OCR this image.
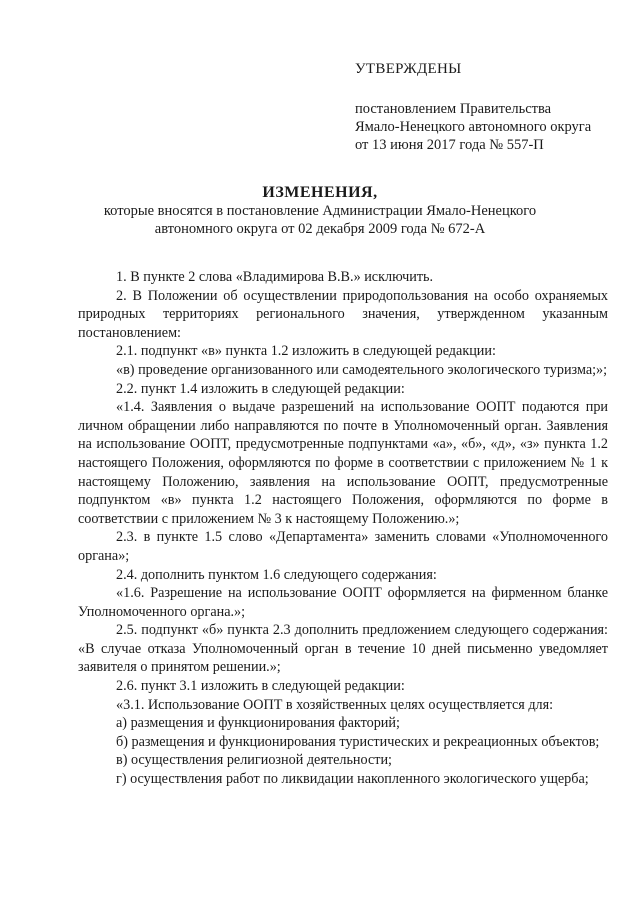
УТВЕРЖДЕНЫ
постановлением Правительства
Ямало-Ненецкого автономного округа
от 13 июня 2017 года № 557-П
ИЗМЕНЕНИЯ,
которые вносятся в постановление Администрации Ямало-Ненецкого
автономного округа от 02 декабря 2009 года № 672-А

1. В пункте 2 слова «Владимирова В.В.» исключить.

2. В Положении об осуществлении природопользования на особо охраняемых природных территориях регионального значения, утвержденном указанным постановлением:

2.1. подпункт «в» пункта 1.2 изложить в следующей редакции:

«в) проведение организованного или самодеятельного экологического туризма;»;

2.2. пункт 1.4 изложить в следующей редакции:

«1.4. Заявления о выдаче разрешений на использование ООПТ подаются при личном обращении либо направляются по почте в Уполномоченный орган. Заявления на использование ООПТ, предусмотренные подпунктами «а», «б», «д», «з» пункта 1.2 настоящего Положения, оформляются по форме в соответствии с приложением № 1 к настоящему Положению, заявления на использование ООПТ, предусмотренные подпунктом «в» пункта 1.2 настоящего Положения, оформляются по форме в соответствии с приложением № 3 к настоящему Положению.»;

2.3. в пункте 1.5 слово «Департамента» заменить словами «Уполномоченного органа»;

2.4. дополнить пунктом 1.6 следующего содержания:

«1.6. Разрешение на использование ООПТ оформляется на фирменном бланке Уполномоченного органа.»;

2.5. подпункт «б» пункта 2.3 дополнить предложением следующего содержания: «В случае отказа Уполномоченный орган в течение 10 дней письменно уведомляет заявителя о принятом решении.»;

2.6. пункт 3.1 изложить в следующей редакции:

«3.1. Использование ООПТ в хозяйственных целях осуществляется для:

а) размещения и функционирования факторий;

б) размещения и функционирования туристических и рекреационных объектов;

в) осуществления религиозной деятельности;

г) осуществления работ по ликвидации накопленного экологического ущерба;
